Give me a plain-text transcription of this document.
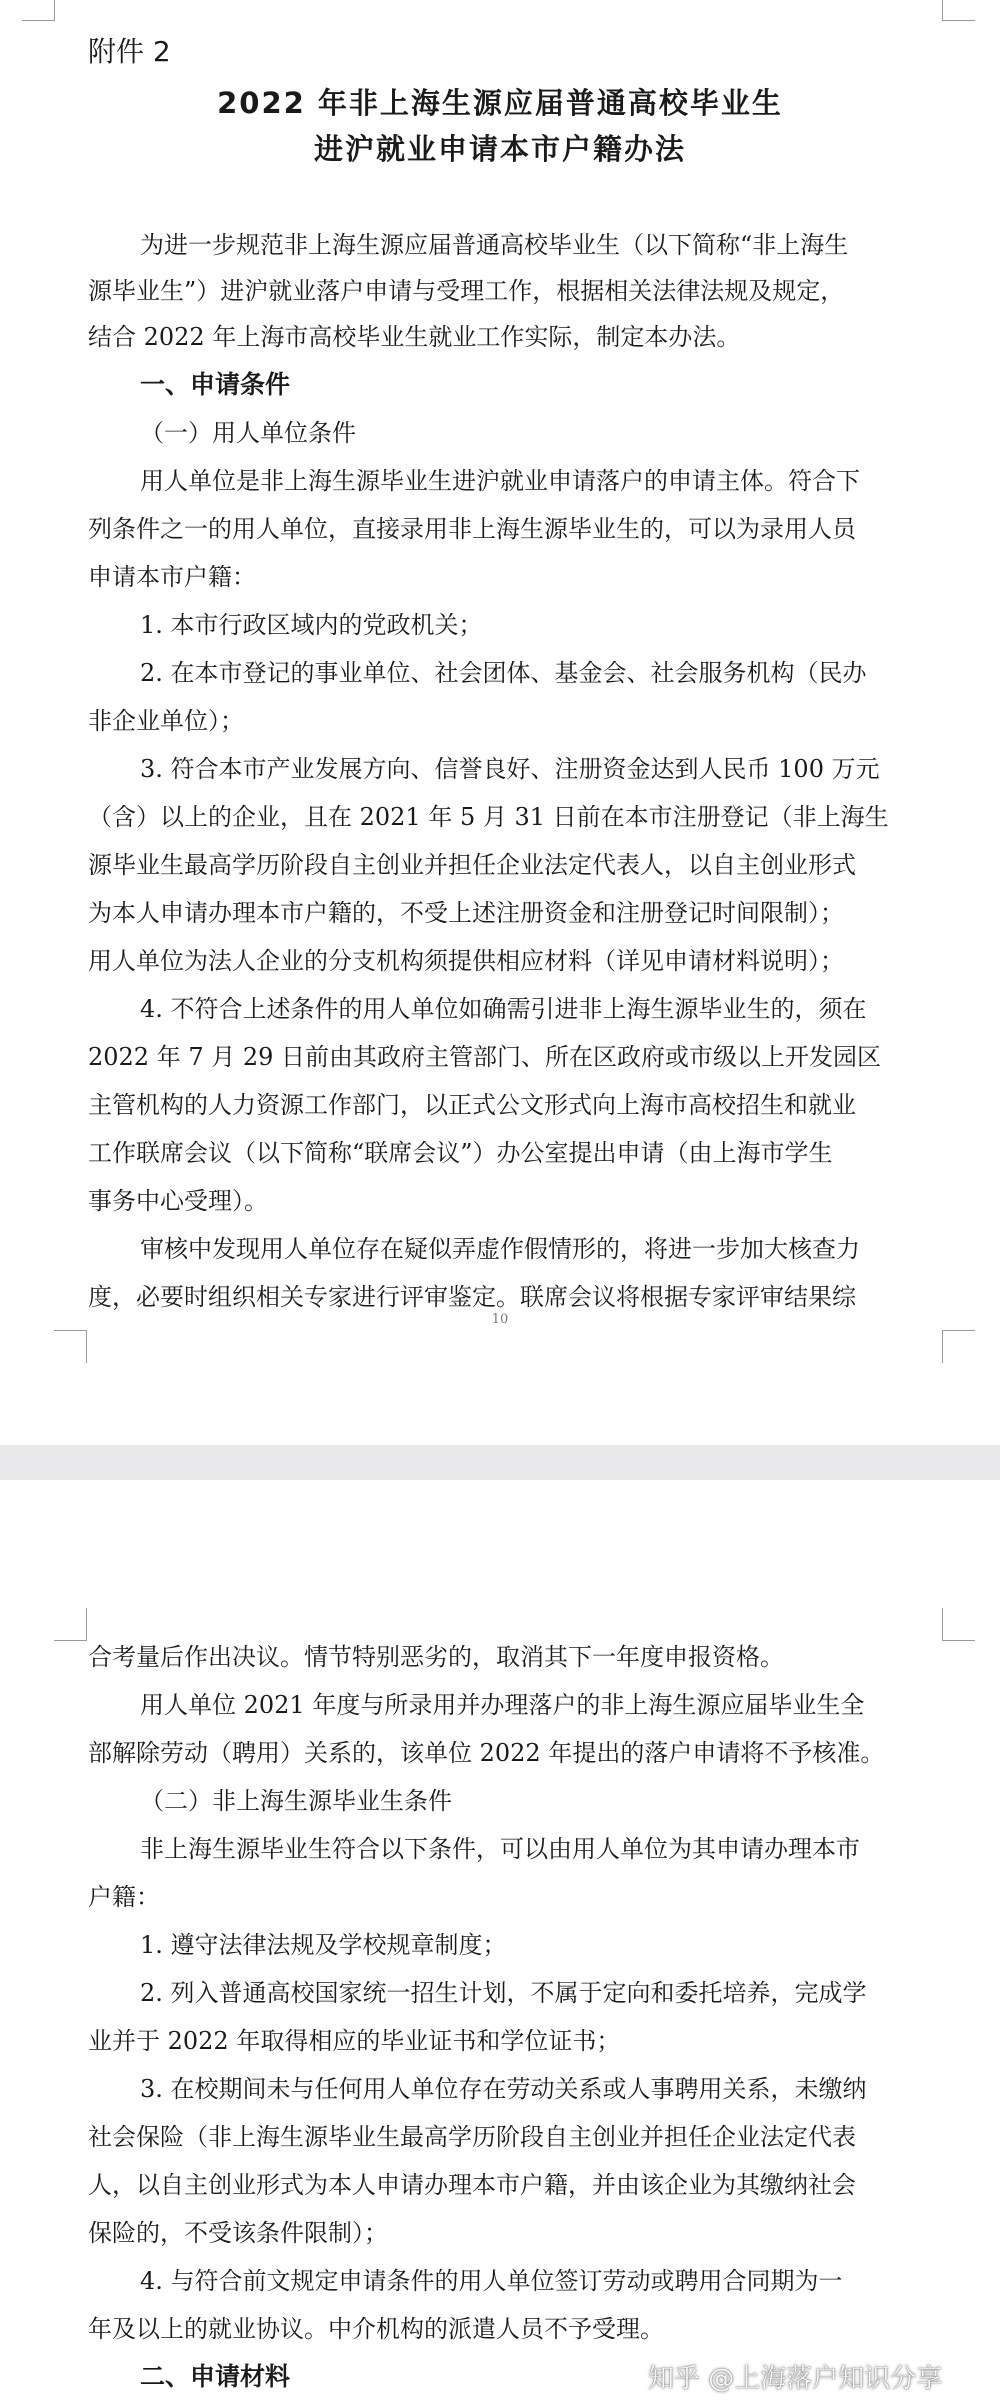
附件 2
2022 年非上海生源应届普通高校毕业生
进沪就业申请本市户籍办法
为进一步规范非上海生源应届普通高校毕业生（以下简称“非上海生
源毕业生”）进沪就业落户申请与受理工作，根据相关法律法规及规定，
结合 2022 年上海市高校毕业生就业工作实际，制定本办法。
一、申请条件
（一）用人单位条件
用人单位是非上海生源毕业生进沪就业申请落户的申请主体。符合下
列条件之一的用人单位，直接录用非上海生源毕业生的，可以为录用人员
申请本市户籍：
1. 本市行政区域内的党政机关；
2. 在本市登记的事业单位、社会团体、基金会、社会服务机构（民办
非企业单位）；
3. 符合本市产业发展方向、信誉良好、注册资金达到人民币 100 万元
（含）以上的企业，且在 2021 年 5 月 31 日前在本市注册登记（非上海生
源毕业生最高学历阶段自主创业并担任企业法定代表人，以自主创业形式
为本人申请办理本市户籍的，不受上述注册资金和注册登记时间限制）；
用人单位为法人企业的分支机构须提供相应材料（详见申请材料说明）；
4. 不符合上述条件的用人单位如确需引进非上海生源毕业生的，须在
2022 年 7 月 29 日前由其政府主管部门、所在区政府或市级以上开发园区
主管机构的人力资源工作部门，以正式公文形式向上海市高校招生和就业
工作联席会议（以下简称“联席会议”）办公室提出申请（由上海市学生
事务中心受理）。
审核中发现用人单位存在疑似弄虚作假情形的，将进一步加大核查力
度，必要时组织相关专家进行评审鉴定。联席会议将根据专家评审结果综
10
合考量后作出决议。情节特别恶劣的，取消其下一年度申报资格。
用人单位 2021 年度与所录用并办理落户的非上海生源应届毕业生全
部解除劳动（聘用）关系的，该单位 2022 年提出的落户申请将不予核准。
（二）非上海生源毕业生条件
非上海生源毕业生符合以下条件，可以由用人单位为其申请办理本市
户籍：
1. 遵守法律法规及学校规章制度；
2. 列入普通高校国家统一招生计划，不属于定向和委托培养，完成学
业并于 2022 年取得相应的毕业证书和学位证书；
3. 在校期间未与任何用人单位存在劳动关系或人事聘用关系，未缴纳
社会保险（非上海生源毕业生最高学历阶段自主创业并担任企业法定代表
人，以自主创业形式为本人申请办理本市户籍，并由该企业为其缴纳社会
保险的，不受该条件限制）；
4. 与符合前文规定申请条件的用人单位签订劳动或聘用合同期为一
年及以上的就业协议。中介机构的派遣人员不予受理。
二、申请材料	知乎 @上海落户知识分享
